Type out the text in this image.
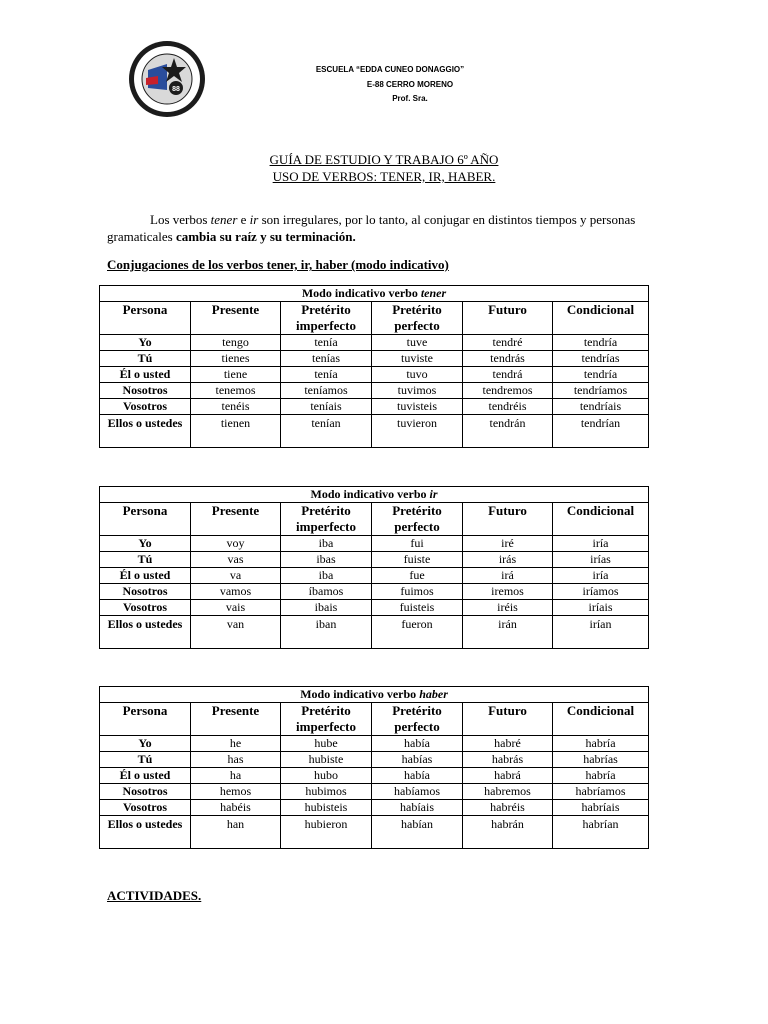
88
ESCUELA “EDDA CUNEO DONAGGIO”
E-88 CERRO MORENO
Prof. Sra.
GUÍA DE ESTUDIO Y TRABAJO 6º AÑO
USO DE VERBOS: TENER, IR, HABER.
Los verbos tener e ir son irregulares, por lo tanto, al conjugar en distintos tiempos y personas gramaticales cambia su raíz y su terminación.
Conjugaciones de los verbos tener, ir, haber (modo indicativo)
Modo indicativo verbo tener					
Persona	Presente	Pretérito imperfecto	Pretérito perfecto	Futuro	Condicional
Yo	tengo	tenía	tuve	tendré	tendría
Tú	tienes	tenías	tuviste	tendrás	tendrías
Él o usted	tiene	tenía	tuvo	tendrá	tendría
Nosotros	tenemos	teníamos	tuvimos	tendremos	tendríamos
Vosotros	tenéis	teníais	tuvisteis	tendréis	tendríais
Ellos o ustedes	tienen	tenían	tuvieron	tendrán	tendrían
Modo indicativo verbo ir					
Persona	Presente	Pretérito imperfecto	Pretérito perfecto	Futuro	Condicional
Yo	voy	iba	fui	iré	iría
Tú	vas	ibas	fuiste	irás	irías
Él o usted	va	iba	fue	irá	iría
Nosotros	vamos	íbamos	fuimos	iremos	iríamos
Vosotros	vais	ibais	fuisteis	iréis	iríais
Ellos o ustedes	van	iban	fueron	irán	irían
Modo indicativo verbo haber					
Persona	Presente	Pretérito imperfecto	Pretérito perfecto	Futuro	Condicional
Yo	he	hube	había	habré	habría
Tú	has	hubiste	habías	habrás	habrías
Él o usted	ha	hubo	había	habrá	habría
Nosotros	hemos	hubimos	habíamos	habremos	habríamos
Vosotros	habéis	hubisteis	habíais	habréis	habríais
Ellos o ustedes	han	hubieron	habían	habrán	habrían
ACTIVIDADES.
